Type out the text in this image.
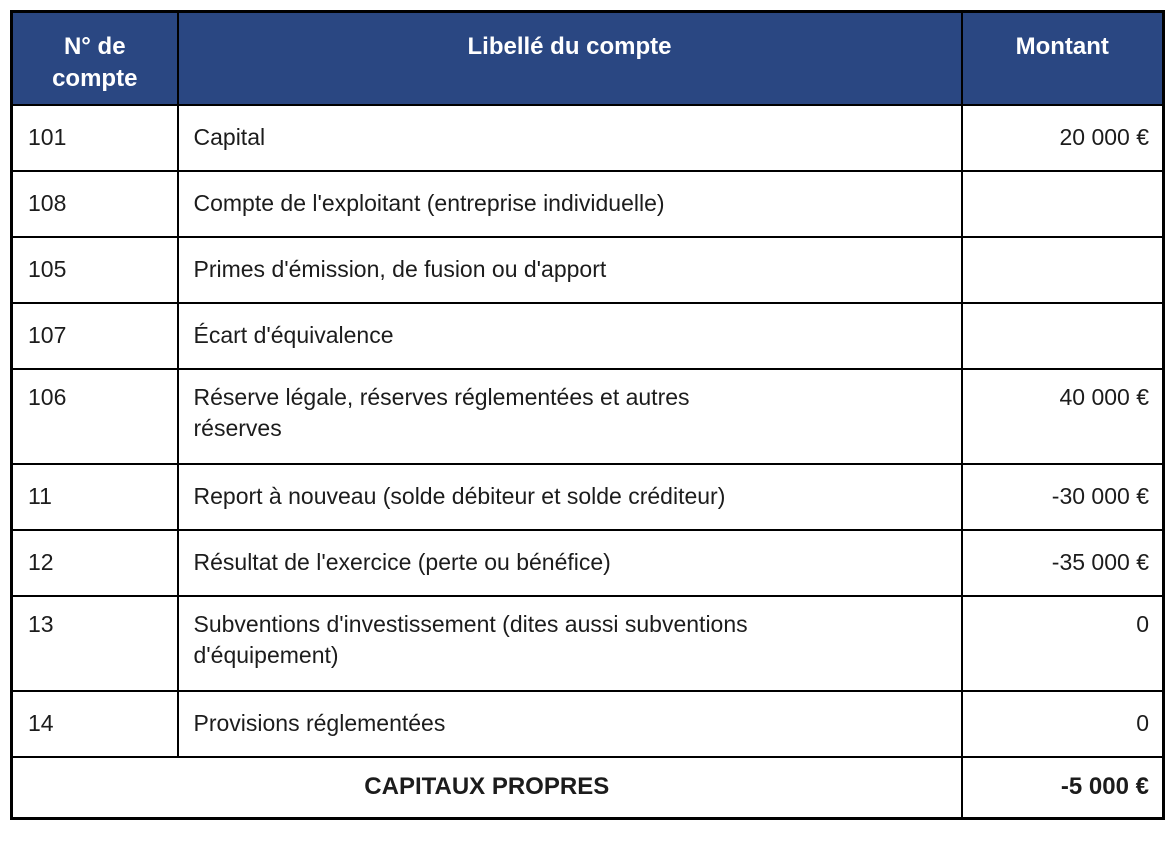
N° de compte	Libellé du compte	Montant
101	Capital	20 000 €
108	Compte de l'exploitant (entreprise individuelle)	

105	Primes d'émission, de fusion ou d'apport	

107	Écart d'équivalence	

106	Réserve légale, réserves réglementées et autres réserves	40 000 €
11	Report à nouveau (solde débiteur et solde créditeur)	-30 000 €
12	Résultat de l'exercice (perte ou bénéfice)	-35 000 €
13	Subventions d'investissement (dites aussi subventions d'équipement)	0
14	Provisions réglementées	0
CAPITAUX PROPRES		-5 000 €
